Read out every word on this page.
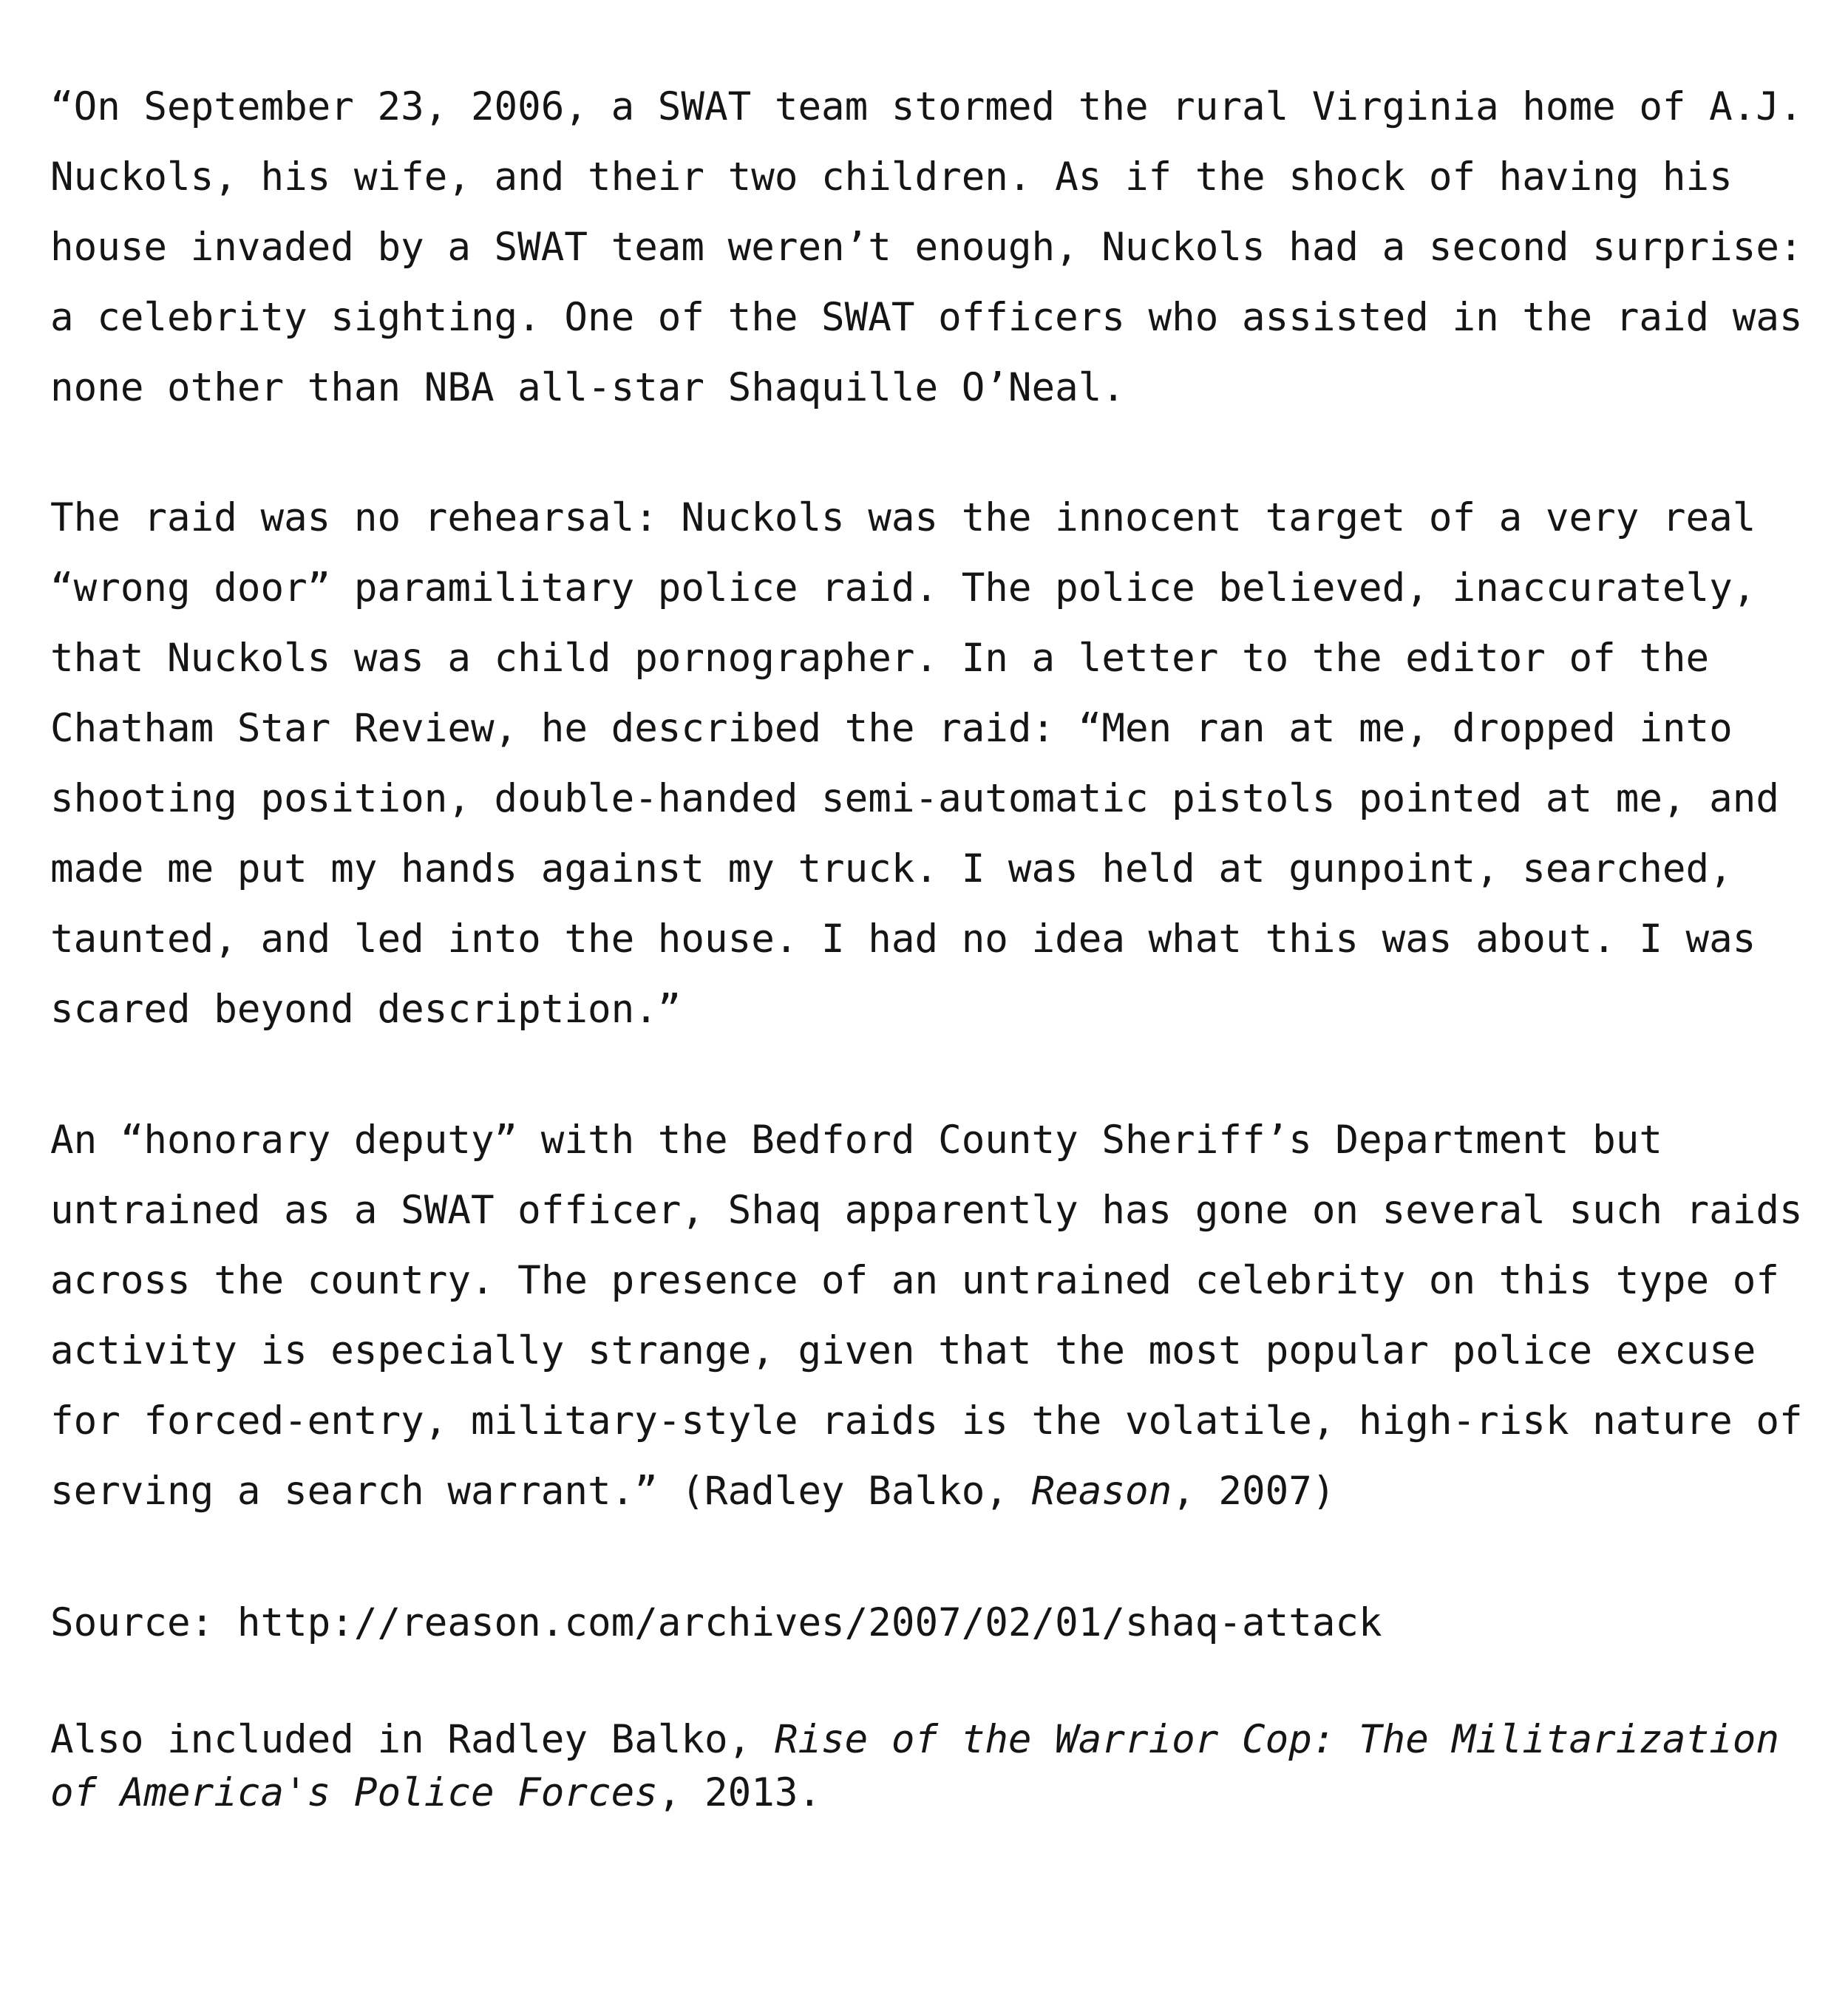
“On September 23, 2006, a SWAT team stormed the rural Virginia home of A.J.
Nuckols, his wife, and their two children. As if the shock of having his
house invaded by a SWAT team weren’t enough, Nuckols had a second surprise:
a celebrity sighting. One of the SWAT officers who assisted in the raid was
none other than NBA all-star Shaquille O’Neal.

The raid was no rehearsal: Nuckols was the innocent target of a very real
“wrong door” paramilitary police raid. The police believed, inaccurately,
that Nuckols was a child pornographer. In a letter to the editor of the
Chatham Star Review, he described the raid: “Men ran at me, dropped into
shooting position, double-handed semi-automatic pistols pointed at me, and
made me put my hands against my truck. I was held at gunpoint, searched,
taunted, and led into the house. I had no idea what this was about. I was
scared beyond description.”

An “honorary deputy” with the Bedford County Sheriff’s Department but
untrained as a SWAT officer, Shaq apparently has gone on several such raids
across the country. The presence of an untrained celebrity on this type of
activity is especially strange, given that the most popular police excuse
for forced-entry, military-style raids is the volatile, high-risk nature of
serving a search warrant.” (Radley Balko, Reason, 2007)

Source: http://reason.com/archives/2007/02/01/shaq-attack

Also included in Radley Balko, Rise of the Warrior Cop: The Militarization
of America's Police Forces, 2013.
